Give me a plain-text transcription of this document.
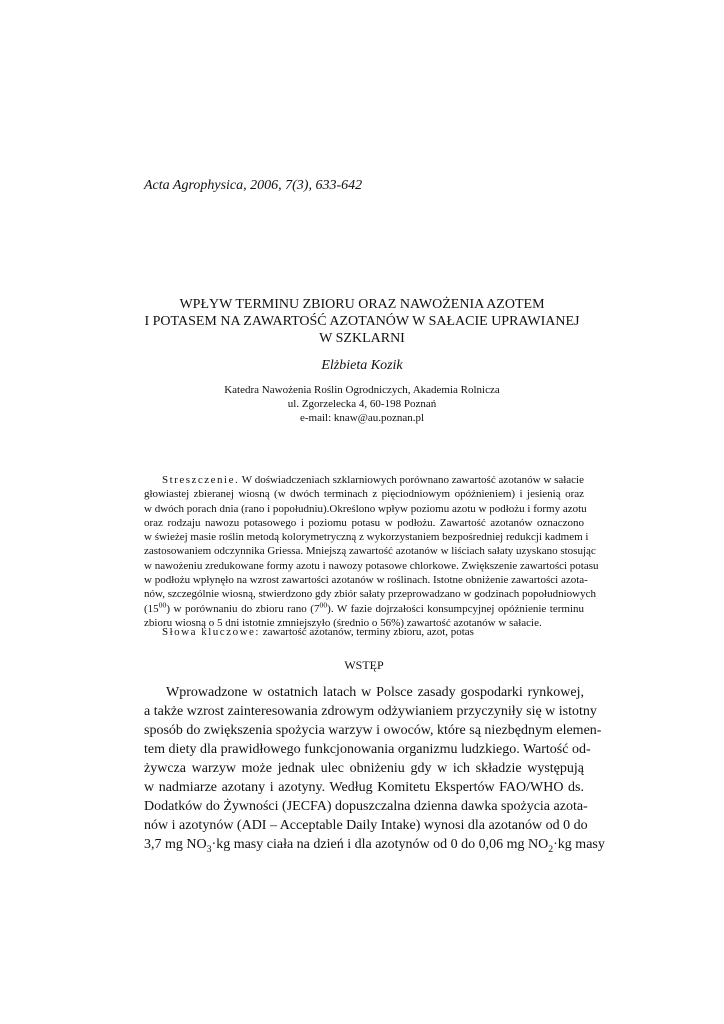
Acta Agrophysica, 2006, 7(3), 633-642
WPŁYW TERMINU ZBIORU ORAZ NAWOŻENIA AZOTEM
I POTASEM NA ZAWARTOŚĆ AZOTANÓW W SAŁACIE UPRAWIANEJ
W SZKLARNI
Elżbieta Kozik
Katedra Nawożenia Roślin Ogrodniczych, Akademia Rolnicza
ul. Zgorzelecka 4, 60-198 Poznań
e-mail: knaw@au.poznan.pl
Streszczenie. W doświadczeniach szklarniowych porównano zawartość azotanów w sałacie
głowiastej zbieranej wiosną (w dwóch terminach z pięciodniowym opóźnieniem) i jesienią oraz
w dwóch porach dnia (rano i popołudniu).Określono wpływ poziomu azotu w podłożu i formy azotu
oraz rodzaju nawozu potasowego i poziomu potasu w podłożu. Zawartość azotanów oznaczono
w świeżej masie roślin metodą kolorymetryczną z wykorzystaniem bezpośredniej redukcji kadmem i
zastosowaniem odczynnika Griessa. Mniejszą zawartość azotanów w liściach sałaty uzyskano stosując
w nawożeniu zredukowane formy azotu i nawozy potasowe chlorkowe. Zwiększenie zawartości potasu
w podłożu wpłynęło na wzrost zawartości azotanów w roślinach. Istotne obniżenie zawartości azota-
nów, szczególnie wiosną, stwierdzono gdy zbiór sałaty przeprowadzano w godzinach popołudniowych
$(15^{00})$ w porównaniu do zbioru rano $(7^{00})$. W fazie dojrzałości konsumpcyjnej opóźnienie terminu
zbioru wiosną o 5 dni istotnie zmniejszyło (średnio o 56%) zawartość azotanów w sałacie.
Słowa kluczowe: zawartość azotanów, terminy zbioru, azot, potas
WSTĘP
Wprowadzone w ostatnich latach w Polsce zasady gospodarki rynkowej,
a także wzrost zainteresowania zdrowym odżywianiem przyczyniły się w istotny
sposób do zwiększenia spożycia warzyw i owoców, które są niezbędnym elemen-
tem diety dla prawidłowego funkcjonowania organizmu ludzkiego. Wartość od-
żywcza warzyw może jednak ulec obniżeniu gdy w ich składzie występują
w nadmiarze azotany i azotyny. Według Komitetu Ekspertów FAO/WHO ds.
Dodatków do Żywności (JECFA) dopuszczalna dzienna dawka spożycia azota-
nów i azotynów (ADI – Acceptable Daily Intake) wynosi dla azotanów od 0 do
3,7 mg $NO_3\cdot kg$ masy ciała na dzień i dla azotynów od 0 do 0,06 mg $NO_2\cdot kg$ masy
